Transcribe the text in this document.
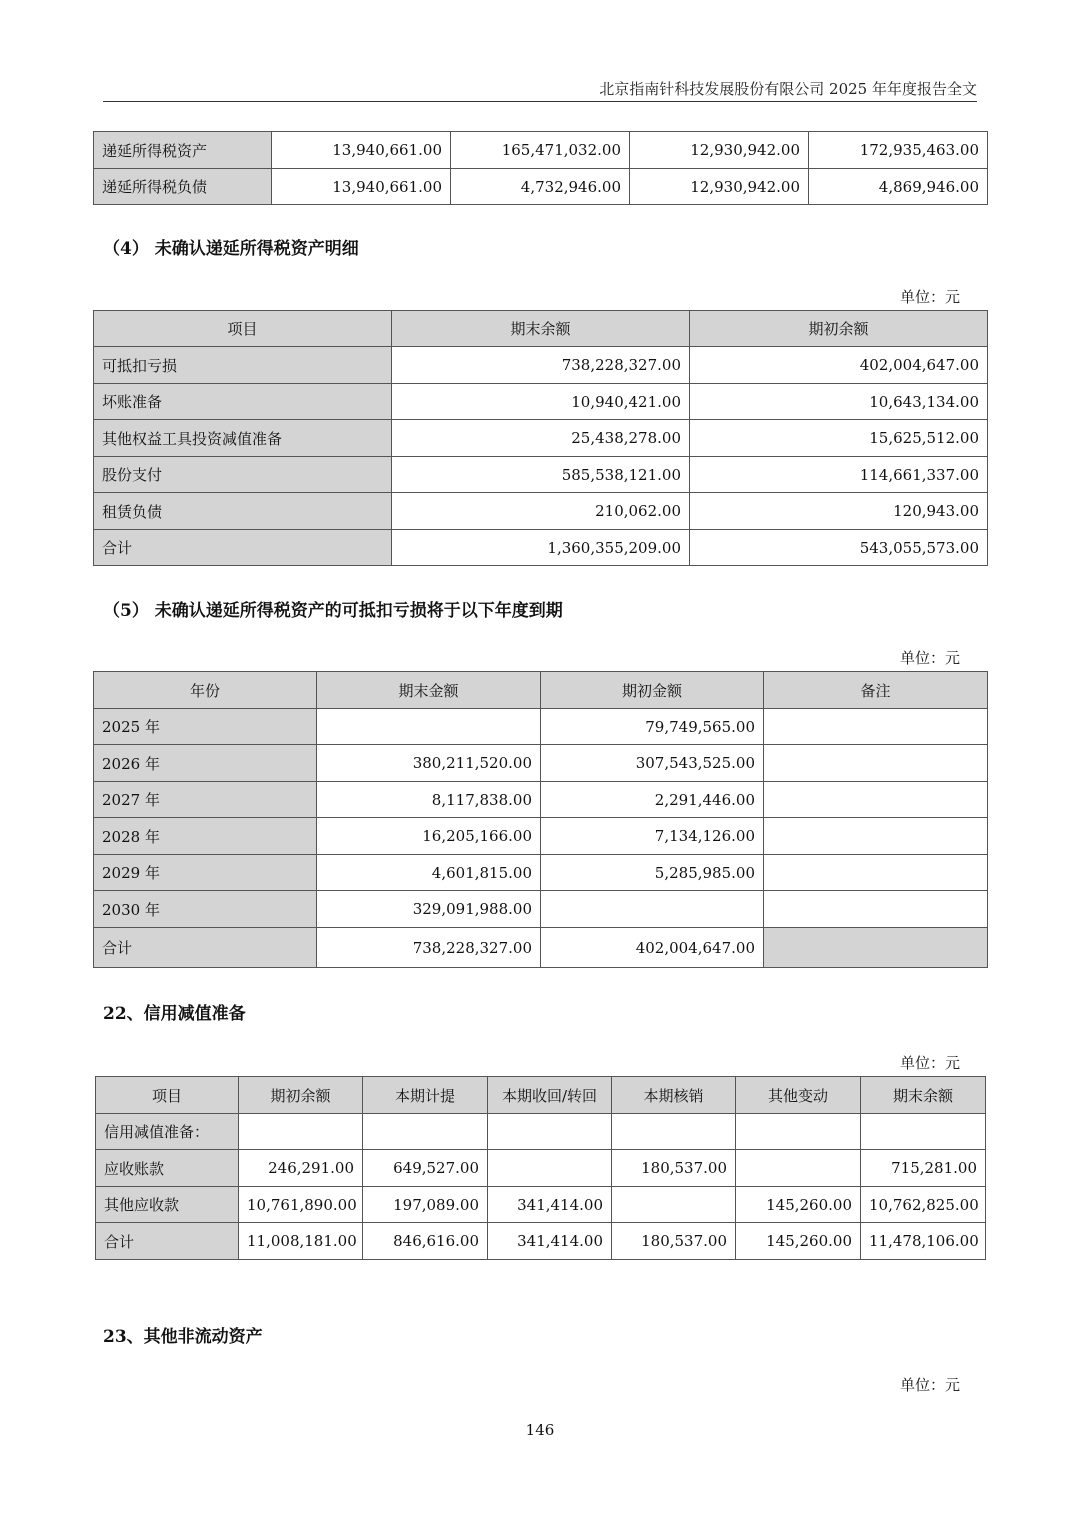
北京指南针科技发展股份有限公司 2025 年年度报告全文
递延所得税资产	13,940,661.00	165,471,032.00	12,930,942.00	172,935,463.00
递延所得税负债	13,940,661.00	4,732,946.00	12,930,942.00	4,869,946.00
（4） 未确认递延所得税资产明细
单位：元
项目	期末余额	期初余额
可抵扣亏损	738,228,327.00	402,004,647.00
坏账准备	10,940,421.00	10,643,134.00
其他权益工具投资减值准备	25,438,278.00	15,625,512.00
股份支付	585,538,121.00	114,661,337.00
租赁负债	210,062.00	120,943.00
合计	1,360,355,209.00	543,055,573.00
（5） 未确认递延所得税资产的可抵扣亏损将于以下年度到期
单位：元
年份	期末金额	期初金额	备注
2025 年		79,749,565.00	
2026 年	380,211,520.00	307,543,525.00	
2027 年	8,117,838.00	2,291,446.00	
2028 年	16,205,166.00	7,134,126.00	
2029 年	4,601,815.00	5,285,985.00	
2030 年	329,091,988.00		
合计	738,228,327.00	402,004,647.00	
22、信用减值准备
单位：元
项目	期初余额	本期计提	本期收回/转回	本期核销	其他变动	期末余额
信用减值准备：						
应收账款	246,291.00	649,527.00		180,537.00		715,281.00
其他应收款	10,761,890.00	197,089.00	341,414.00		145,260.00	10,762,825.00
合计	11,008,181.00	846,616.00	341,414.00	180,537.00	145,260.00	11,478,106.00
23、其他非流动资产
单位：元
146
